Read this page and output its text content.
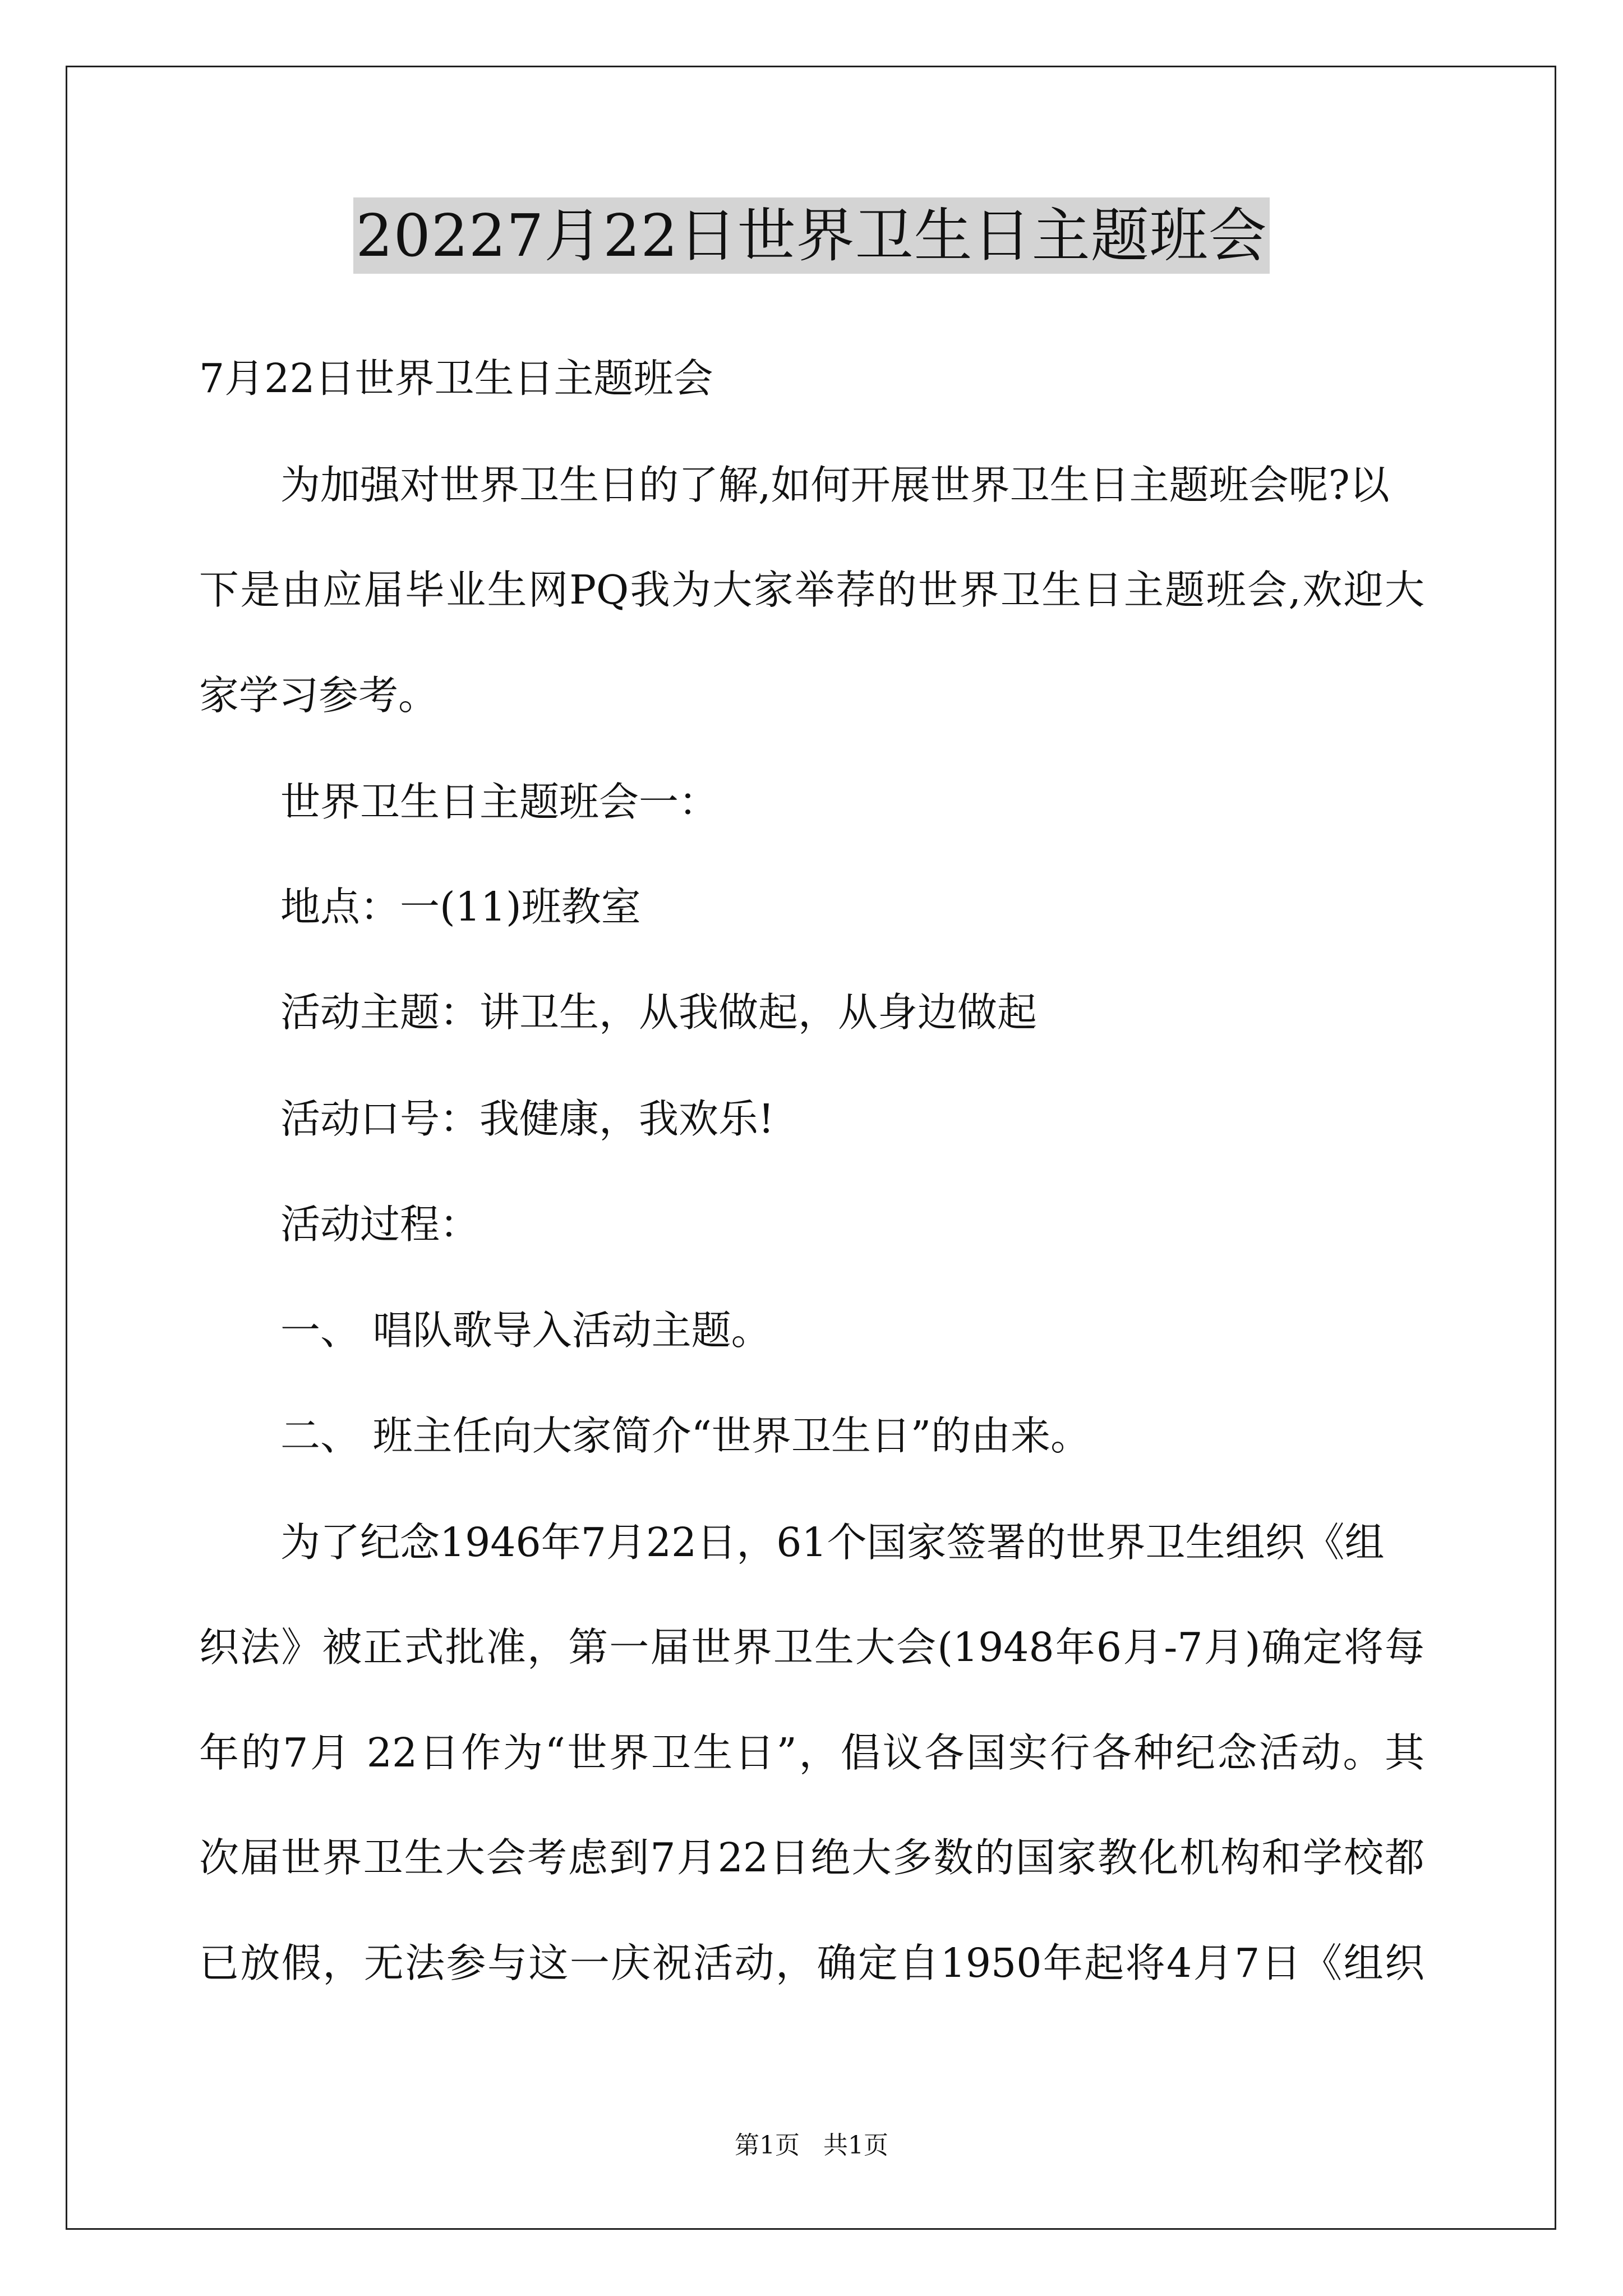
20227月22日世界卫生日主题班会
7月22日世界卫生日主题班会
为加强对世界卫生日的了解,如何开展世界卫生日主题班会呢?以
下是由应届毕业生网PQ我为大家举荐的世界卫生日主题班会,欢迎大
家学习参考。
世界卫生日主题班会一：
地点：一(11)班教室
活动主题：讲卫生，从我做起，从身边做起
活动口号：我健康，我欢乐!
活动过程：
一、 唱队歌导入活动主题。
二、 班主任向大家简介“世界卫生日”的由来。
为了纪念1946年7月22日，61个国家签署的世界卫生组织《组
织法》被正式批准，第一届世界卫生大会(1948年6月-7月)确定将每
年的7月 22日作为“世界卫生日”，倡议各国实行各种纪念活动。其
次届世界卫生大会考虑到7月22日绝大多数的国家教化机构和学校都
已放假，无法参与这一庆祝活动，确定自1950年起将4月7日《组织
第1页   共1页
